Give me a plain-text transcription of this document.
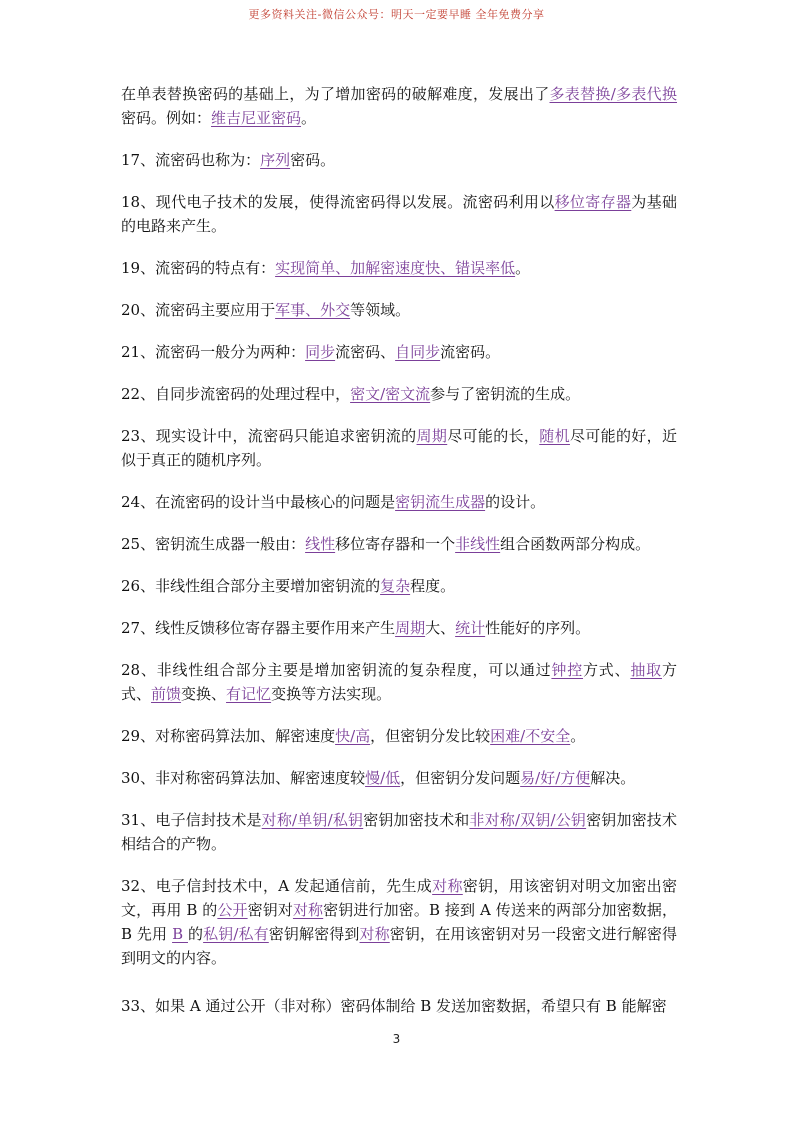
更多资料关注-微信公众号：明天一定要早睡 全年免费分享

在单表替换密码的基础上，为了增加密码的破解难度，发展出了多表替换/多表代换密码。例如：维吉尼亚密码。

17、流密码也称为：序列密码。

18、现代电子技术的发展，使得流密码得以发展。流密码利用以移位寄存器为基础的电路来产生。

19、流密码的特点有：实现简单、加解密速度快、错误率低。

20、流密码主要应用于军事、外交等领域。

21、流密码一般分为两种：同步流密码、自同步流密码。

22、自同步流密码的处理过程中，密文/密文流参与了密钥流的生成。

23、现实设计中，流密码只能追求密钥流的周期尽可能的长，随机尽可能的好，近似于真正的随机序列。

24、在流密码的设计当中最核心的问题是密钥流生成器的设计。

25、密钥流生成器一般由：线性移位寄存器和一个非线性组合函数两部分构成。

26、非线性组合部分主要增加密钥流的复杂程度。

27、线性反馈移位寄存器主要作用来产生周期大、统计性能好的序列。

28、非线性组合部分主要是增加密钥流的复杂程度，可以通过钟控方式、抽取方式、前馈变换、有记忆变换等方法实现。

29、对称密码算法加、解密速度快/高，但密钥分发比较困难/不安全。

30、非对称密码算法加、解密速度较慢/低，但密钥分发问题易/好/方便解决。

31、电子信封技术是对称/单钥/私钥密钥加密技术和非对称/双钥/公钥密钥加密技术相结合的产物。

32、电子信封技术中，A 发起通信前，先生成对称密钥，用该密钥对明文加密出密文，再用 B 的公开密钥对对称密钥进行加密。B 接到 A 传送来的两部分加密数据，B 先用 B 的私钥/私有密钥解密得到对称密钥，在用该密钥对另一段密文进行解密得到明文的内容。

33、如果 A 通过公开（非对称）密码体制给 B 发送加密数据，希望只有 B 能解密

3
